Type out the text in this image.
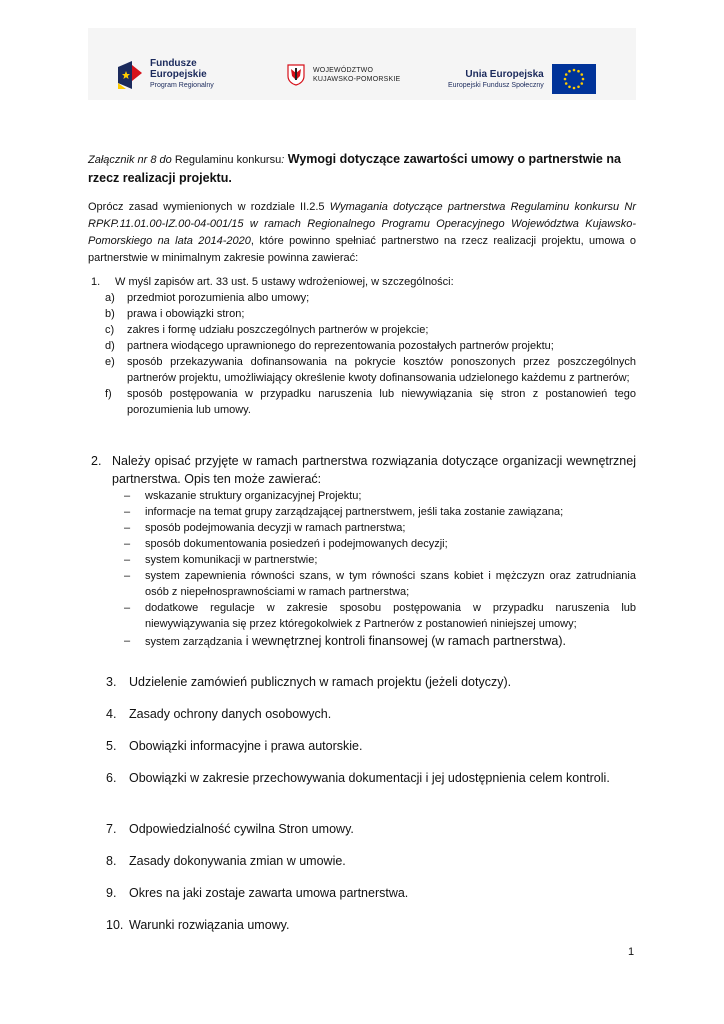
Fundusze
Europejskie
Program Regionalny
WOJEWÓDZTWO
KUJAWSKO-POMORSKIE	Unia Europejska
Europejski Fundusz Społeczny
Załącznik nr 8 do Regulaminu konkursu: Wymogi dotyczące zawartości umowy o partnerstwie na rzecz realizacji projektu.

Oprócz zasad wymienionych w rozdziale II.2.5 Wymagania dotyczące partnerstwa Regulaminu konkursu Nr RPKP.11.01.00-IZ.00-04-001/15 w ramach Regionalnego Programu Operacyjnego Województwa Kujawsko-Pomorskiego na lata 2014-2020, które powinno spełniać partnerstwo na rzecz realizacji projektu, umowa o partnerstwie w minimalnym zakresie powinna zawierać:

1.	W myśl zapisów art. 33 ust. 5 ustawy wdrożeniowej, w szczególności:
a)	przedmiot porozumienia albo umowy;
b)	prawa i obowiązki stron;
c)	zakres i formę udziału poszczególnych partnerów w projekcie;
d)	partnera wiodącego uprawnionego do reprezentowania pozostałych partnerów projektu;
e)	sposób przekazywania dofinansowania na pokrycie kosztów ponoszonych przez poszczególnych partnerów projektu, umożliwiający określenie kwoty dofinansowania udzielonego każdemu z partnerów;
f)	sposób postępowania w przypadku naruszenia lub niewywiązania się stron z postanowień tego porozumienia lub umowy.
2. Należy opisać przyjęte w ramach partnerstwa rozwiązania dotyczące organizacji wewnętrznej partnerstwa. Opis ten może zawierać:
–	wskazanie struktury organizacyjnej Projektu;
–	informacje na temat grupy zarządzającej partnerstwem, jeśli taka zostanie zawiązana;
–	sposób podejmowania decyzji w ramach partnerstwa;
–	sposób dokumentowania posiedzeń i podejmowanych decyzji;
–	system komunikacji w partnerstwie;
–	system zapewnienia równości szans, w tym równości szans kobiet i mężczyzn oraz zatrudniania osób z niepełnosprawnościami w ramach partnerstwa;
–	dodatkowe regulacje w zakresie sposobu postępowania w przypadku naruszenia lub niewywiązywania się przez któregokolwiek z Partnerów z postanowień niniejszej umowy;
–	system zarządzania i wewnętrznej kontroli finansowej (w ramach partnerstwa).
3.	Udzielenie zamówień publicznych w ramach projektu (jeżeli dotyczy).
4.	Zasady ochrony danych osobowych.
5.	Obowiązki informacyjne i prawa autorskie.
6.	Obowiązki w zakresie przechowywania dokumentacji i jej udostępnienia celem kontroli.
7.	Odpowiedzialność cywilna Stron umowy.
8.	Zasady dokonywania zmian w umowie.
9.	Okres na jaki zostaje zawarta umowa partnerstwa.
10. Warunki rozwiązania umowy.
1
